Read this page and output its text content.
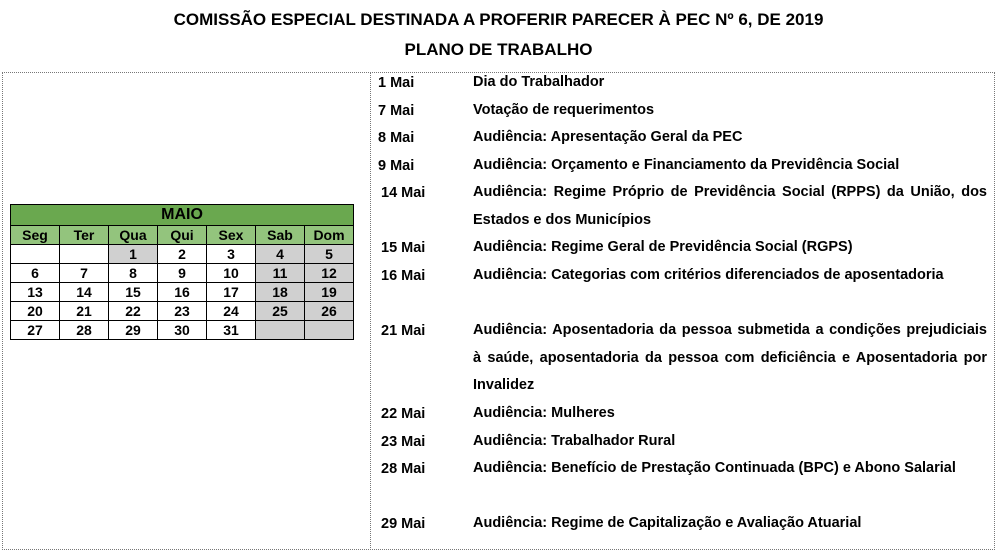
COMISSÃO ESPECIAL DESTINADA A PROFERIR PARECER À PEC Nº 6, DE 2019
PLANO DE TRABALHO
MAIO						
Seg	Ter	Qua	Qui	Sex	Sab	Dom
		1	2	3	4	5
6	7	8	9	10	11	12
13	14	15	16	17	18	19
20	21	22	23	24	25	26
27	28	29	30	31		
1 Mai	Dia do Trabalhador
7 Mai	Votação de requerimentos
8 Mai	Audiência: Apresentação Geral da PEC
9 Mai	Audiência: Orçamento e Financiamento da Previdência Social
14 Mai	Audiência: Regime Próprio de Previdência Social (RPPS) da União, dos Estados e dos Municípios
15 Mai	Audiência: Regime Geral de Previdência Social (RGPS)
16 Mai	Audiência: Categorias com critérios diferenciados de aposentadoria
21 Mai	Audiência: Aposentadoria da pessoa submetida a condições prejudiciais à saúde, aposentadoria da pessoa com deficiência e Aposentadoria por Invalidez
22 Mai	Audiência: Mulheres
23 Mai	Audiência: Trabalhador Rural
28 Mai	Audiência: Benefício de Prestação Continuada (BPC) e Abono Salarial
29 Mai	Audiência: Regime de Capitalização e Avaliação Atuarial
